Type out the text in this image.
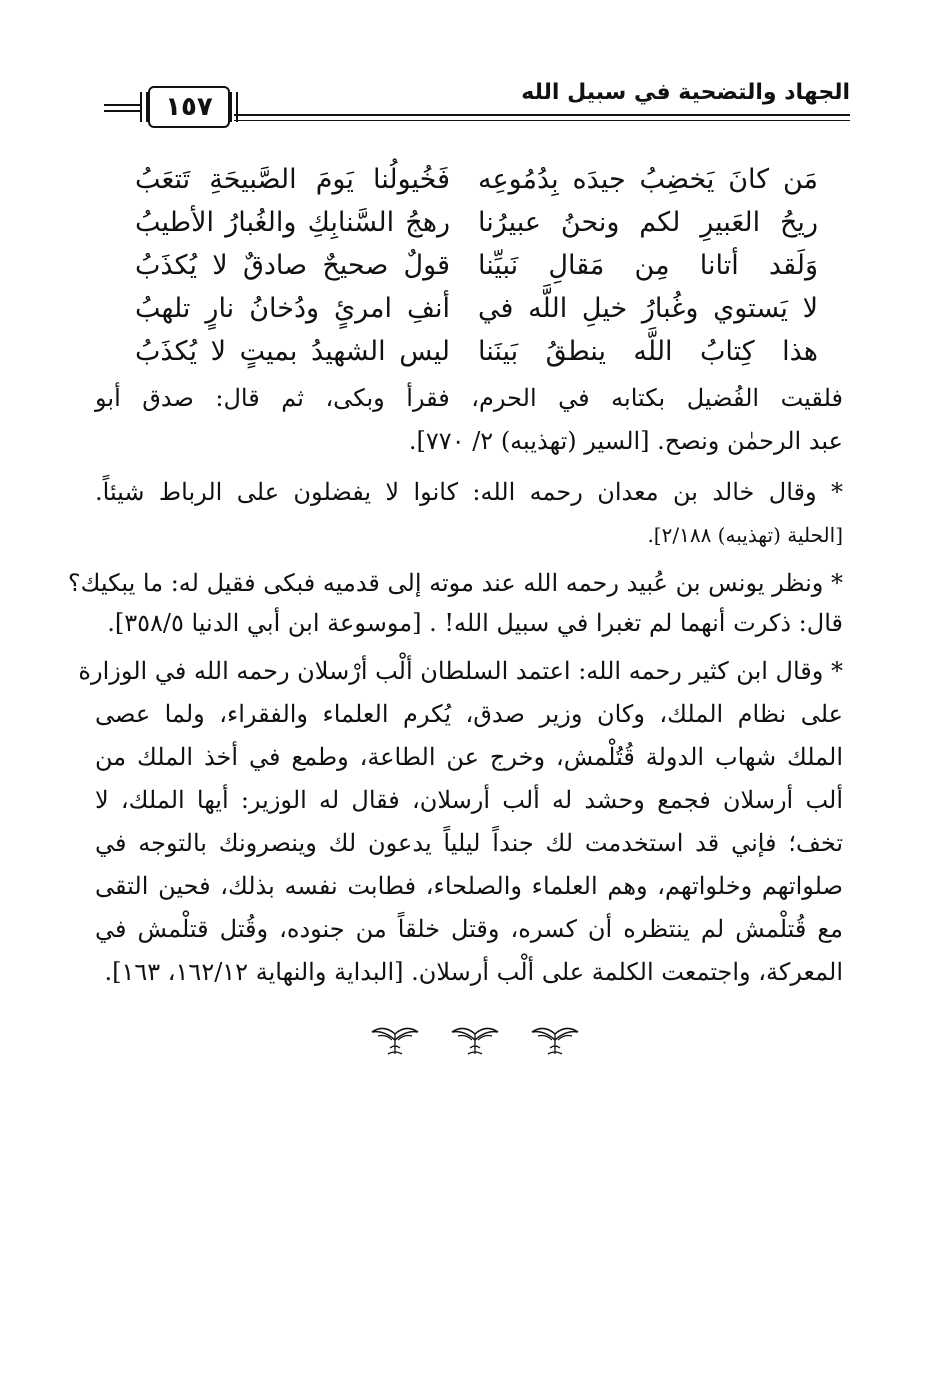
الجهاد والتضحية في سبيل الله
١٥٧
مَن كانَ يَخضِبُ جيدَه بِدُمُوعِه
فَخُيولُنا يَومَ الصَّبيحَةِ تَتعَبُ
ريحُ العَبيرِ لكم ونحنُ عبيرُنا
رهجُ السَّنابِكِ والغُبارُ الأطيبُ
وَلَقد أتانا مِن مَقالِ نَبيِّنا
قولٌ صحيحٌ صادقٌ لا يُكذَبُ
لا يَستوي وغُبارُ خيلِ اللَّه في
أنفِ امرئٍ ودُخانُ نارٍ تلهبُ
هذا كِتابُ اللَّه ينطقُ بَينَنا
ليس الشهيدُ بميتٍ لا يُكذَبُ
فلقيت الفُضيل بكتابه في الحرم، فقرأ وبكى، ثم قال: صدق أبو
عبد الرحمٰن ونصح. [السير (تهذيبه) ٢/ ٧٧٠].
* وقال خالد بن معدان رحمه الله: كانوا لا يفضلون على الرباط شيئاً.
[الحلية (تهذيبه) ٢/١٨٨].
* ونظر يونس بن عُبيد رحمه الله عند موته إلى قدميه فبكى فقيل له: ما يبكيك؟
قال: ذكرت أنهما لم تغبرا في سبيل الله! . [موسوعة ابن أبي الدنيا ٣٥٨/٥].
* وقال ابن كثير رحمه الله: اعتمد السلطان ألْب أرْسلان رحمه الله في الوزارة
على نظام الملك، وكان وزير صدق، يُكرم العلماء والفقراء، ولما عصى
الملك شهاب الدولة قُتُلْمش، وخرج عن الطاعة، وطمع في أخذ الملك من
ألب أرسلان فجمع وحشد له ألب أرسلان، فقال له الوزير: أيها الملك، لا
تخف؛ فإني قد استخدمت لك جنداً ليلياً يدعون لك وينصرونك بالتوجه في
صلواتهم وخلواتهم، وهم العلماء والصلحاء، فطابت نفسه بذلك، فحين التقى
مع قُتلْمش لم ينتظره أن كسره، وقتل خلقاً من جنوده، وقُتل قتلْمش في
المعركة، واجتمعت الكلمة على ألْب أرسلان. [البداية والنهاية ١٦٢/١٢، ١٦٣].
